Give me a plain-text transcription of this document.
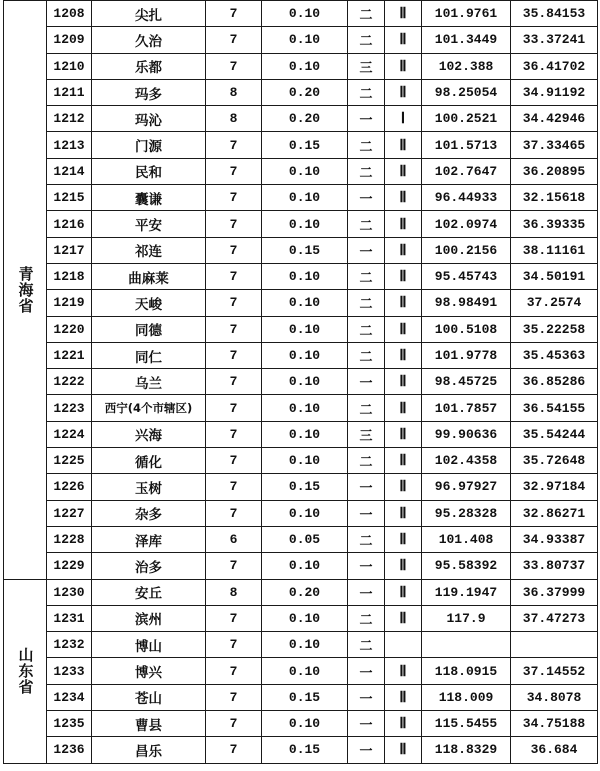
青海省	1208	尖扎	7	0.10	二	Ⅱ	101.9761	35.84153
	1209	久治	7	0.10	二	Ⅱ	101.3449	33.37241
	1210	乐都	7	0.10	三	Ⅱ	102.388	36.41702
	1211	玛多	8	0.20	二	Ⅱ	98.25054	34.91192
	1212	玛沁	8	0.20	一	Ⅰ	100.2521	34.42946
	1213	门源	7	0.15	二	Ⅱ	101.5713	37.33465
	1214	民和	7	0.10	二	Ⅱ	102.7647	36.20895
	1215	囊谦	7	0.10	一	Ⅱ	96.44933	32.15618
	1216	平安	7	0.10	二	Ⅱ	102.0974	36.39335
	1217	祁连	7	0.15	一	Ⅱ	100.2156	38.11161
	1218	曲麻莱	7	0.10	二	Ⅱ	95.45743	34.50191
	1219	天峻	7	0.10	二	Ⅱ	98.98491	37.2574
	1220	同德	7	0.10	二	Ⅱ	100.5108	35.22258
	1221	同仁	7	0.10	二	Ⅱ	101.9778	35.45363
	1222	乌兰	7	0.10	一	Ⅱ	98.45725	36.85286
	1223	西宁(4个市辖区)	7	0.10	二	Ⅱ	101.7857	36.54155
	1224	兴海	7	0.10	三	Ⅱ	99.90636	35.54244
	1225	循化	7	0.10	二	Ⅱ	102.4358	35.72648
	1226	玉树	7	0.15	一	Ⅱ	96.97927	32.97184
	1227	杂多	7	0.10	一	Ⅱ	95.28328	32.86271
	1228	泽库	6	0.05	二	Ⅱ	101.408	34.93387
	1229	治多	7	0.10	一	Ⅱ	95.58392	33.80737
山东省	1230	安丘	8	0.20	一	Ⅱ	119.1947	36.37999
	1231	滨州	7	0.10	二	Ⅱ	117.9	37.47273
	1232	博山	7	0.10	二			
	1233	博兴	7	0.10	一	Ⅱ	118.0915	37.14552
	1234	苍山	7	0.15	一	Ⅱ	118.009	34.8078
	1235	曹县	7	0.10	一	Ⅱ	115.5455	34.75188
	1236	昌乐	7	0.15	一	Ⅱ	118.8329	36.684
